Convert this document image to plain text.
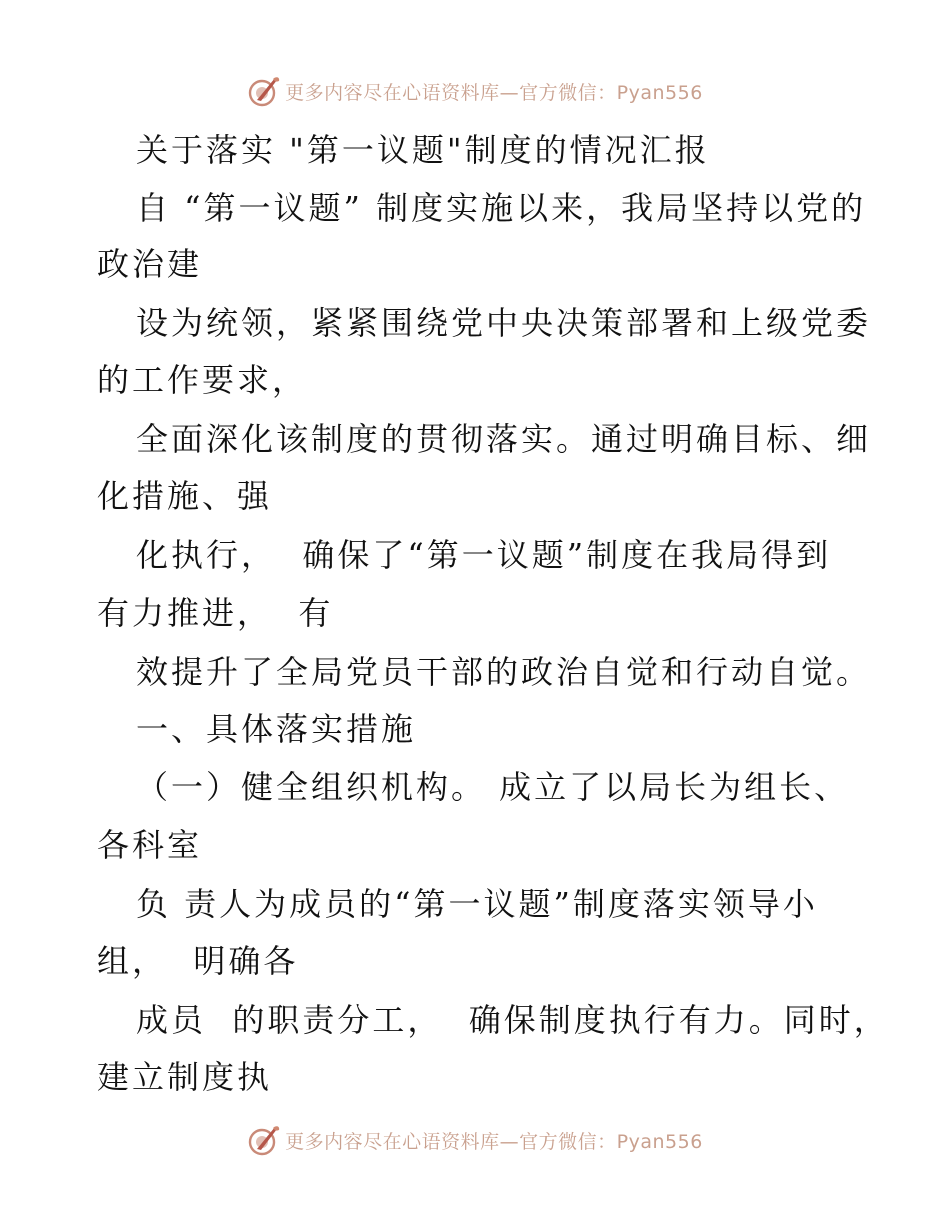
更多内容尽在心语资料库—官方微信：Pyan556
关于落实 "第一议题"制度的情况汇报
自 “第一议题” 制度实施以来，我局坚持以党的
政治建
设为统领，紧紧围绕党中央决策部署和上级党委
的工作要求，
全面深化该制度的贯彻落实。通过明确目标、细
化措施、强
化执行，  确保了“第一议题”制度在我局得到
有力推进，  有
效提升了全局党员干部的政治自觉和行动自觉。
一、具体落实措施
（一）健全组织机构。 成立了以局长为组长、
各科室
负 责人为成员的“第一议题”制度落实领导小
组，  明确各
成员  的职责分工，  确保制度执行有力。同时，
建立制度执
更多内容尽在心语资料库—官方微信：Pyan556
